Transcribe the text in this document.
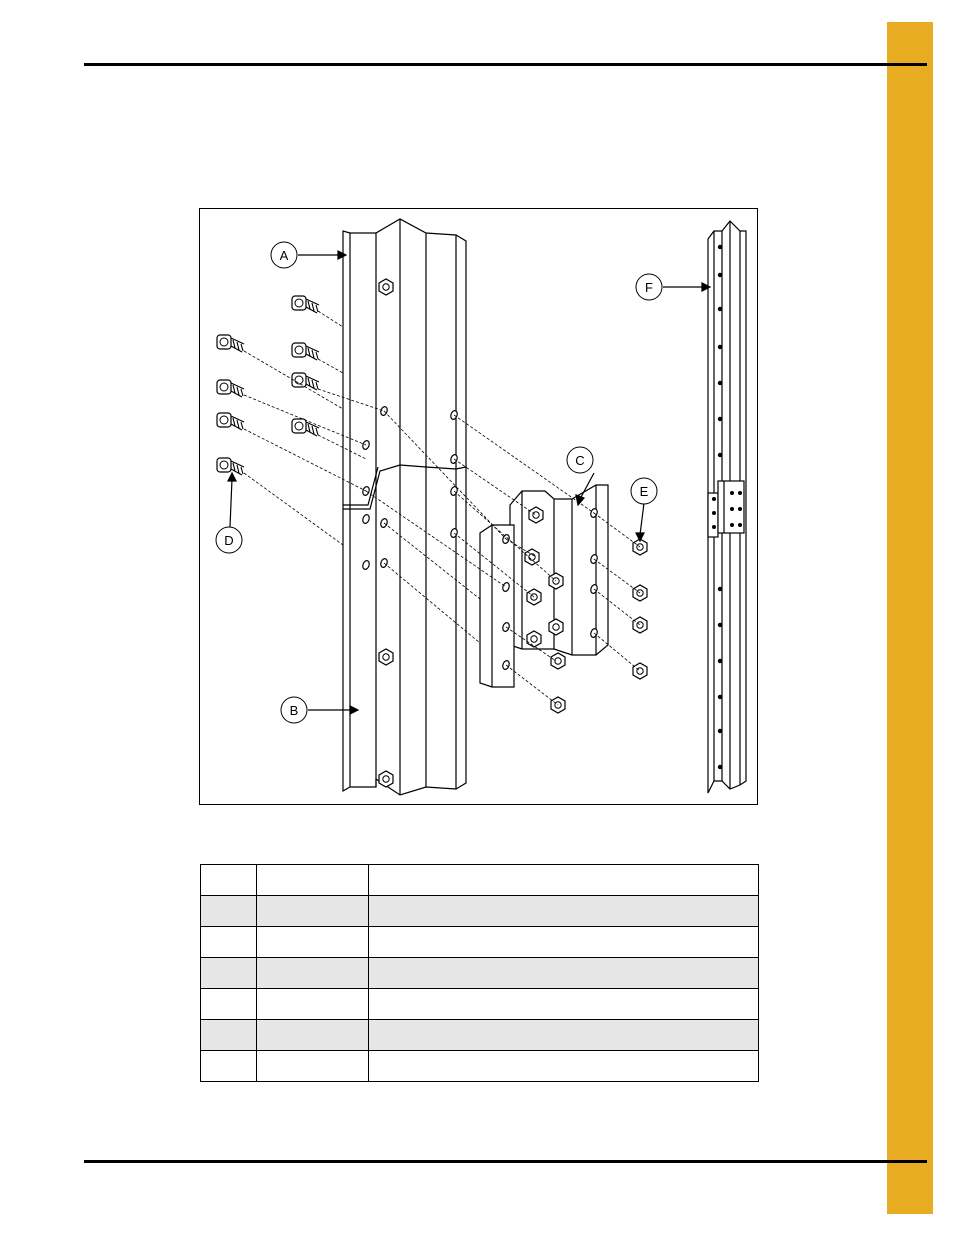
A
B
C
D
E
F
